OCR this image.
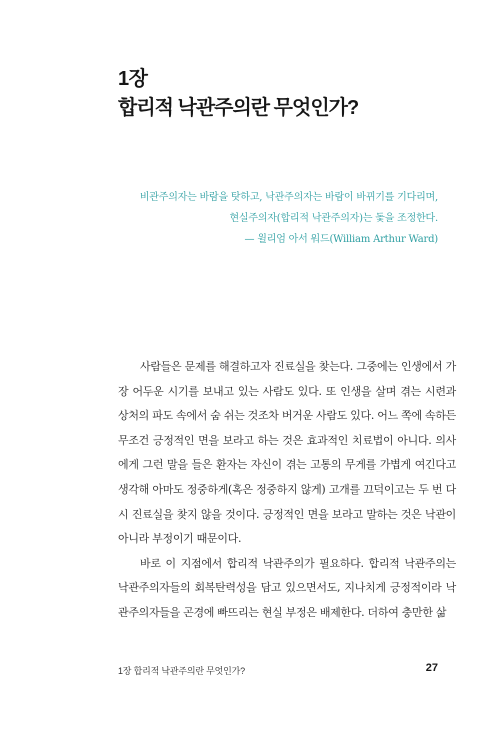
1장
합리적 낙관주의란 무엇인가?
비관주의자는 바람을 탓하고, 낙관주의자는 바람이 바뀌기를 기다리며,
현실주의자(합리적 낙관주의자)는 돛을 조정한다.
— 윌리엄 아서 워드(William Arthur Ward)

사람들은 문제를 해결하고자 진료실을 찾는다. 그중에는 인생에서 가장 어두운 시기를 보내고 있는 사람도 있다. 또 인생을 살며 겪는 시련과 상처의 파도 속에서 숨 쉬는 것조차 버거운 사람도 있다. 어느 쪽에 속하든 무조건 긍정적인 면을 보라고 하는 것은 효과적인 치료법이 아니다. 의사에게 그런 말을 들은 환자는 자신이 겪는 고통의 무게를 가볍게 여긴다고 생각해 아마도 정중하게(혹은 정중하지 않게) 고개를 끄덕이고는 두 번 다시 진료실을 찾지 않을 것이다. 긍정적인 면을 보라고 말하는 것은 낙관이 아니라 부정이기 때문이다.

바로 이 지점에서 합리적 낙관주의가 필요하다. 합리적 낙관주의는 낙관주의자들의 회복탄력성을 담고 있으면서도, 지나치게 긍정적이라 낙관주의자들을 곤경에 빠뜨리는 현실 부정은 배제한다. 더하여 충만한 삶

1장 합리적 낙관주의란 무엇인가?	27
